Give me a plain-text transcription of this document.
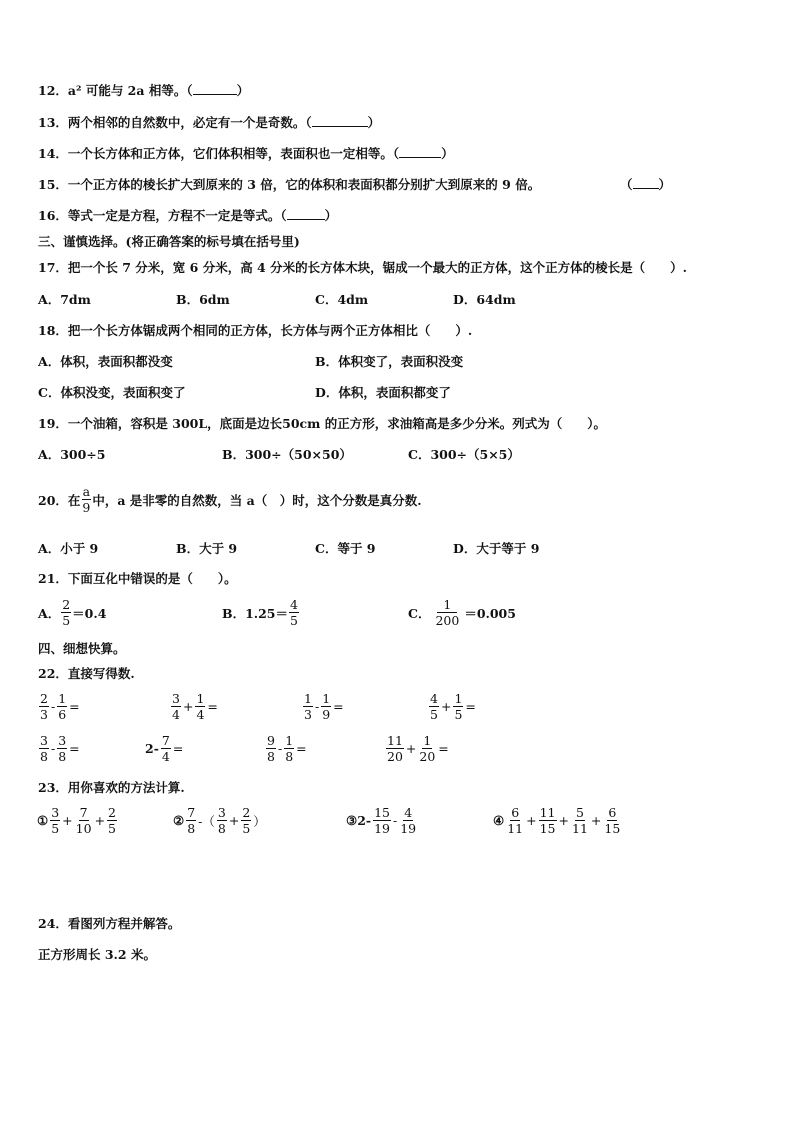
12．a² 可能与 2a 相等。（	）
13．两个相邻的自然数中，必定有一个是奇数。（	）
14．一个长方体和正方体，它们体积相等，表面积也一定相等。（	）
15．一个正方体的棱长扩大到原来的 3 倍，它的体积和表面积都分别扩大到原来的 9 倍。	（ ）
16．等式一定是方程，方程不一定是等式。（	）
三、谨慎选择。(将正确答案的标号填在括号里)
17．把一个长 7 分米，宽 6 分米，高 4 分米的长方体木块，锯成一个最大的正方体，这个正方体的棱长是（　　）.
A．7dm	B．6dm	C．4dm	D．64dm
18．把一个长方体锯成两个相同的正方体，长方体与两个正方体相比（　　）.
A．体积，表面积都没变	B．体积变了，表面积没变
C．体积没变，表面积变了	D．体积，表面积都变了
19．一个油箱，容积是 300L，底面是边长50cm 的正方形，求油箱高是多少分米。列式为（　　）。
A．300÷5	B．300÷（50×50）	C．300÷（5×5）
20．在 $\frac{a}{9}$ 中，a 是非零的自然数，当 a（　）时，这个分数是真分数.
A．小于 9	B．大于 9	C．等于 9	D．大于等于 9
21．下面互化中错误的是（　　）。
A． $\frac{2}{5} =0.4$	B．$1.25= \frac{4}{5}$	C． $\frac{1}{200} =0.005$
四、细想快算。
22．直接写得数.
$\frac{2}{3} - \frac{1}{6}$ =	$\frac{3}{4} + \frac{1}{4}$ =	$\frac{1}{3} - \frac{1}{9}$ =	$\frac{4}{5} + \frac{1}{5}$ =
$\frac{3}{8} - \frac{3}{8}$ =	$2- \frac{7}{4}$ =	$\frac{9}{8} - \frac{1}{8}$ =	$\frac{11}{20} + \frac{1}{20}$ =
23．用你喜欢的方法计算.
① $\frac{3}{5} + \frac{7}{10} + \frac{2}{5}$	② $\frac{7}{8}$ -（ $\frac{3}{8} + \frac{2}{5}$ ）	③2- $\frac{15}{19} - \frac{4}{19}$	④ $\frac{6}{11} + \frac{11}{15} + \frac{5}{11} + \frac{6}{15}$
24．看图列方程并解答。
正方形周长 3.2 米。
